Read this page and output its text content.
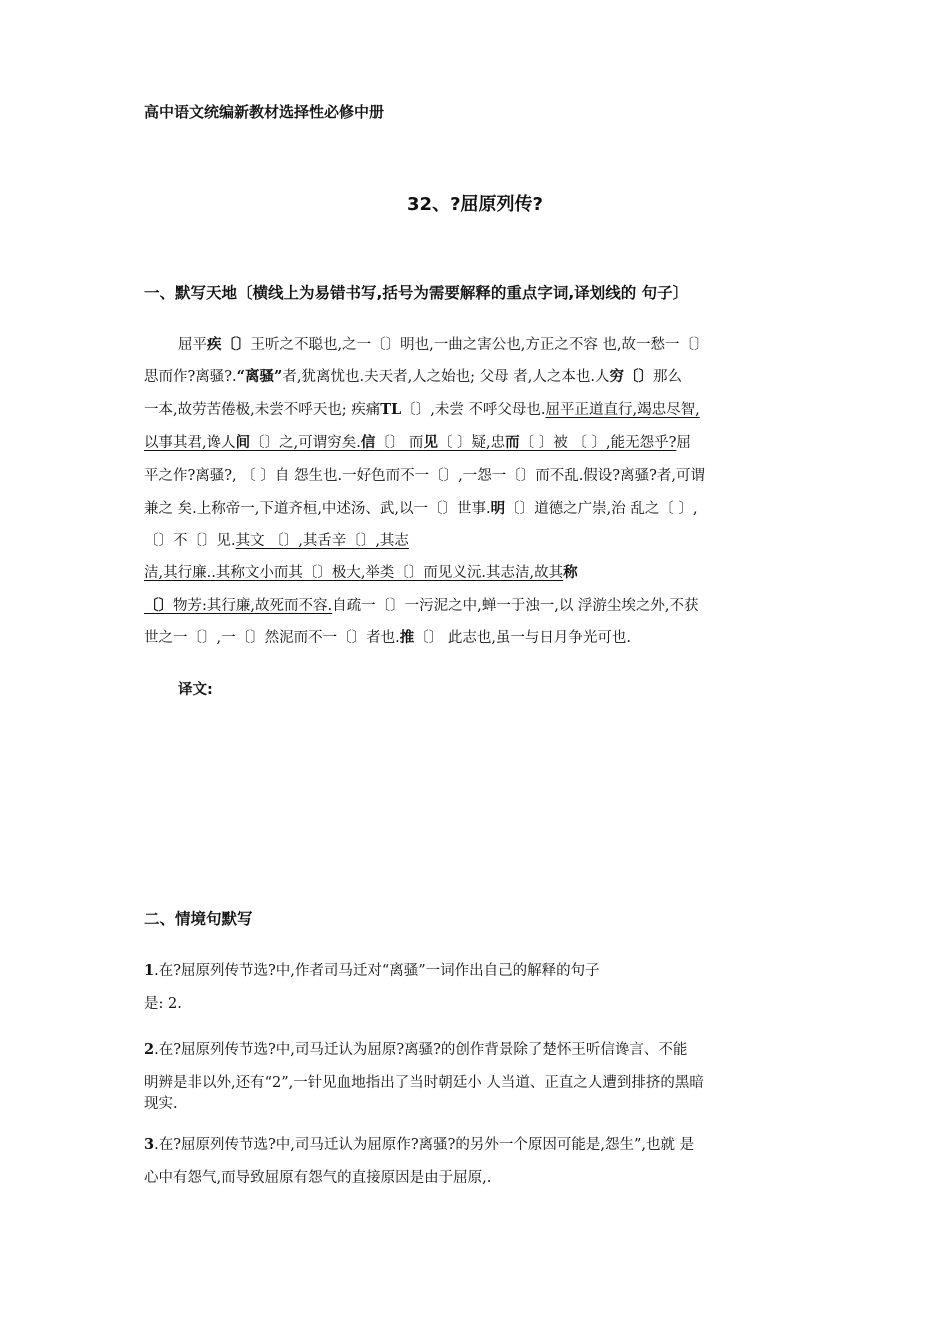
高中语文统编新教材选择性必修中册
32、?屈原列传?
一、默写天地〔横线上为易错书写,括号为需要解释的重点字词,译划线的 句子〕
屈平疾〔〕王听之不聪也,之一〔〕明也,一曲之害公也,方正之不容 也,故一愁一〔〕
思而作?离骚?.“离骚”者,犹离忧也.夫天者,人之始也; 父母 者,人之本也.人穷〔〕那么
一本,故劳苦倦极,未尝不呼天也; 疾痛TL〔〕,未尝 不呼父母也.屈平正道直行,竭忠尽智,
以事其君,谗人间〔〕之,可谓穷矣.信〔〕 而见〔 〕疑,忠而〔 〕被 〔 〕,能无怨乎?屈
平之作?离骚?, 〔 〕自 怨生也.一好色而不一〔〕,一怨一〔〕而不乱.假设?离骚?者,可谓
兼之 矣.上称帝一,下道齐桓,中述汤、武,以一〔〕世事.明〔〕道德之广崇,治 乱之〔 〕,
〔〕不〔〕见.其文 〔〕,其舌辛〔〕,其志
洁,其行廉..其称文小而其〔〕极大,举类〔〕而见义沅.其志洁,故其称
〔〕物芳:其行廉,故死而不容.自疏一〔〕一污泥之中,蝉一于浊一,以 浮游尘埃之外,不获
世之一〔〕,一〔〕然泥而不一〔〕者也.推〔〕 此志也,虽一与日月争光可也.
译文:
二、情境句默写
1.在?屈原列传节选?中,作者司马迁对“离骚”一词作出自己的解释的句子
是: 2.
2.在?屈原列传节选?中,司马迁认为屈原?离骚?的创作背景除了楚怀王听信谗言、不能
明辨是非以外,还有“2”,一针见血地指出了当时朝廷小 人当道、正直之人遭到排挤的黑暗
现实.
3.在?屈原列传节选?中,司马迁认为屈原作?离骚?的另外一个原因可能是,怨生”,也就 是
心中有怨气,而导致屈原有怨气的直接原因是由于屈原,.
